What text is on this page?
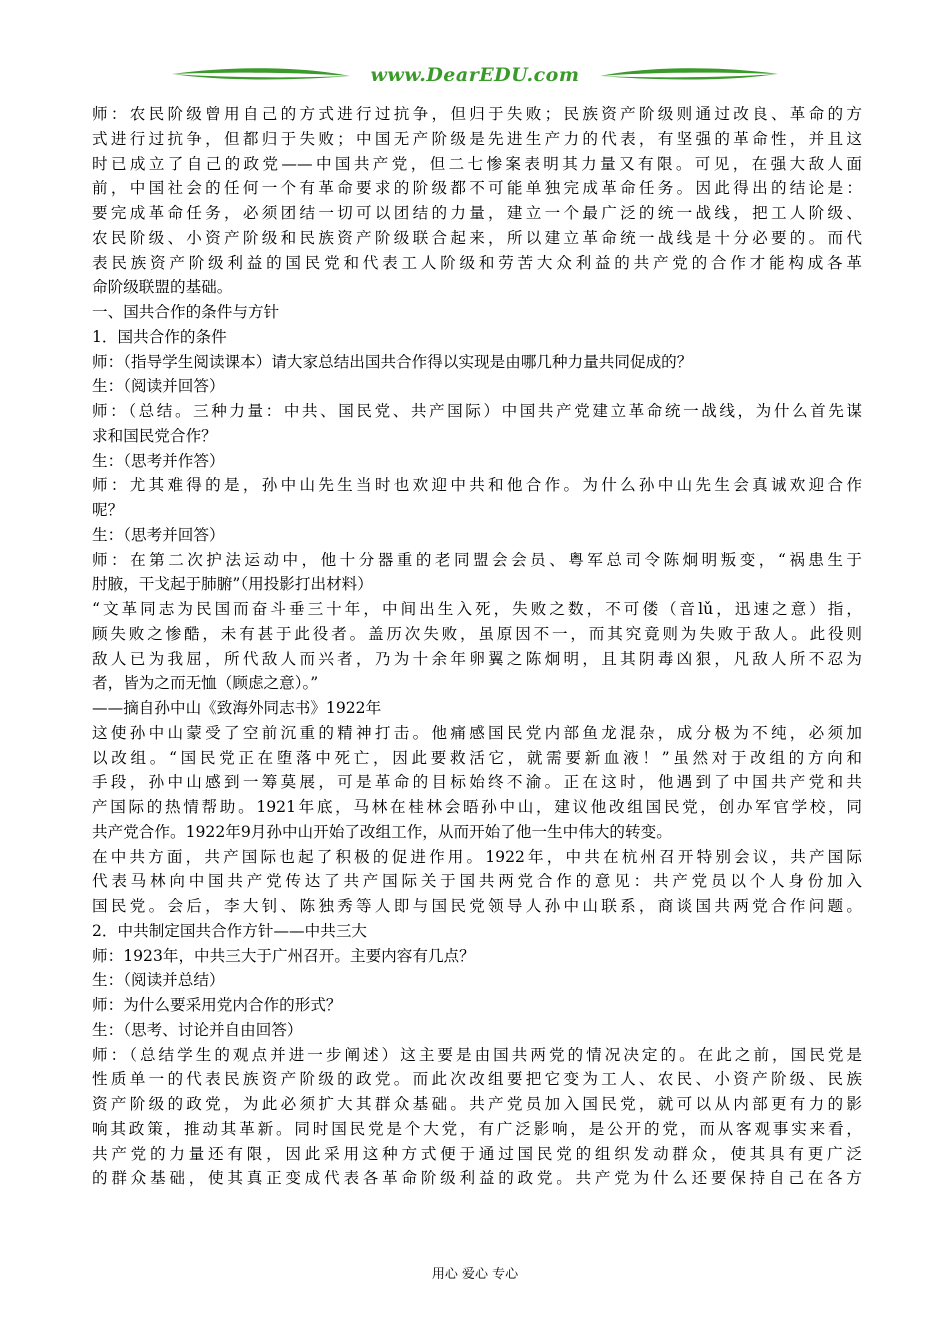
www.DearEDU.com
师：农民阶级曾用自己的方式进行过抗争，但归于失败；民族资产阶级则通过改良、革命的方
式进行过抗争，但都归于失败；中国无产阶级是先进生产力的代表，有坚强的革命性，并且这
时已成立了自己的政党——中国共产党，但二七惨案表明其力量又有限。可见，在强大敌人面
前，中国社会的任何一个有革命要求的阶级都不可能单独完成革命任务。因此得出的结论是：
要完成革命任务，必须团结一切可以团结的力量，建立一个最广泛的统一战线，把工人阶级、
农民阶级、小资产阶级和民族资产阶级联合起来，所以建立革命统一战线是十分必要的。而代
表民族资产阶级利益的国民党和代表工人阶级和劳苦大众利益的共产党的合作才能构成各革
命阶级联盟的基础。
一、国共合作的条件与方针
1．国共合作的条件
师：（指导学生阅读课本）请大家总结出国共合作得以实现是由哪几种力量共同促成的？
生：（阅读并回答）
师：（总结。三种力量：中共、国民党、共产国际）中国共产党建立革命统一战线，为什么首先谋
求和国民党合作？
生：（思考并作答）
师：尤其难得的是，孙中山先生当时也欢迎中共和他合作。为什么孙中山先生会真诚欢迎合作
呢？
生：（思考并回答）
师：在第二次护法运动中，他十分器重的老同盟会会员、粤军总司令陈炯明叛变，“祸患生于
肘腋，干戈起于肺腑”（用投影打出材料）
“文革同志为民国而奋斗垂三十年，中间出生入死，失败之数，不可偻（音lǔ，迅速之意）指，
顾失败之惨酷，未有甚于此役者。盖历次失败，虽原因不一，而其究竟则为失败于敌人。此役则
敌人已为我屈，所代敌人而兴者，乃为十余年卵翼之陈炯明，且其阴毒凶狠，凡敌人所不忍为
者，皆为之而无恤（顾虑之意）。”
——摘自孙中山《致海外同志书》1922年
这使孙中山蒙受了空前沉重的精神打击。他痛感国民党内部鱼龙混杂，成分极为不纯，必须加
以改组。“国民党正在堕落中死亡，因此要救活它，就需要新血液！”虽然对于改组的方向和
手段，孙中山感到一筹莫展，可是革命的目标始终不渝。正在这时，他遇到了中国共产党和共
产国际的热情帮助。1921年底，马林在桂林会晤孙中山，建议他改组国民党，创办军官学校，同
共产党合作。1922年9月孙中山开始了改组工作，从而开始了他一生中伟大的转变。
在中共方面，共产国际也起了积极的促进作用。1922年，中共在杭州召开特别会议，共产国际
代表马林向中国共产党传达了共产国际关于国共两党合作的意见：共产党员以个人身份加入
国民党。会后，李大钊、陈独秀等人即与国民党领导人孙中山联系，商谈国共两党合作问题。
2．中共制定国共合作方针——中共三大
师：1923年，中共三大于广州召开。主要内容有几点？
生：（阅读并总结）
师：为什么要采用党内合作的形式？
生：（思考、讨论并自由回答）
师：（总结学生的观点并进一步阐述）这主要是由国共两党的情况决定的。在此之前，国民党是
性质单一的代表民族资产阶级的政党。而此次改组要把它变为工人、农民、小资产阶级、民族
资产阶级的政党，为此必须扩大其群众基础。共产党员加入国民党，就可以从内部更有力的影
响其政策，推动其革新。同时国民党是个大党，有广泛影响，是公开的党，而从客观事实来看，
共产党的力量还有限，因此采用这种方式便于通过国民党的组织发动群众，使其具有更广泛
的群众基础，使其真正变成代表各革命阶级利益的政党。共产党为什么还要保持自己在各方
用心 爱心 专心
